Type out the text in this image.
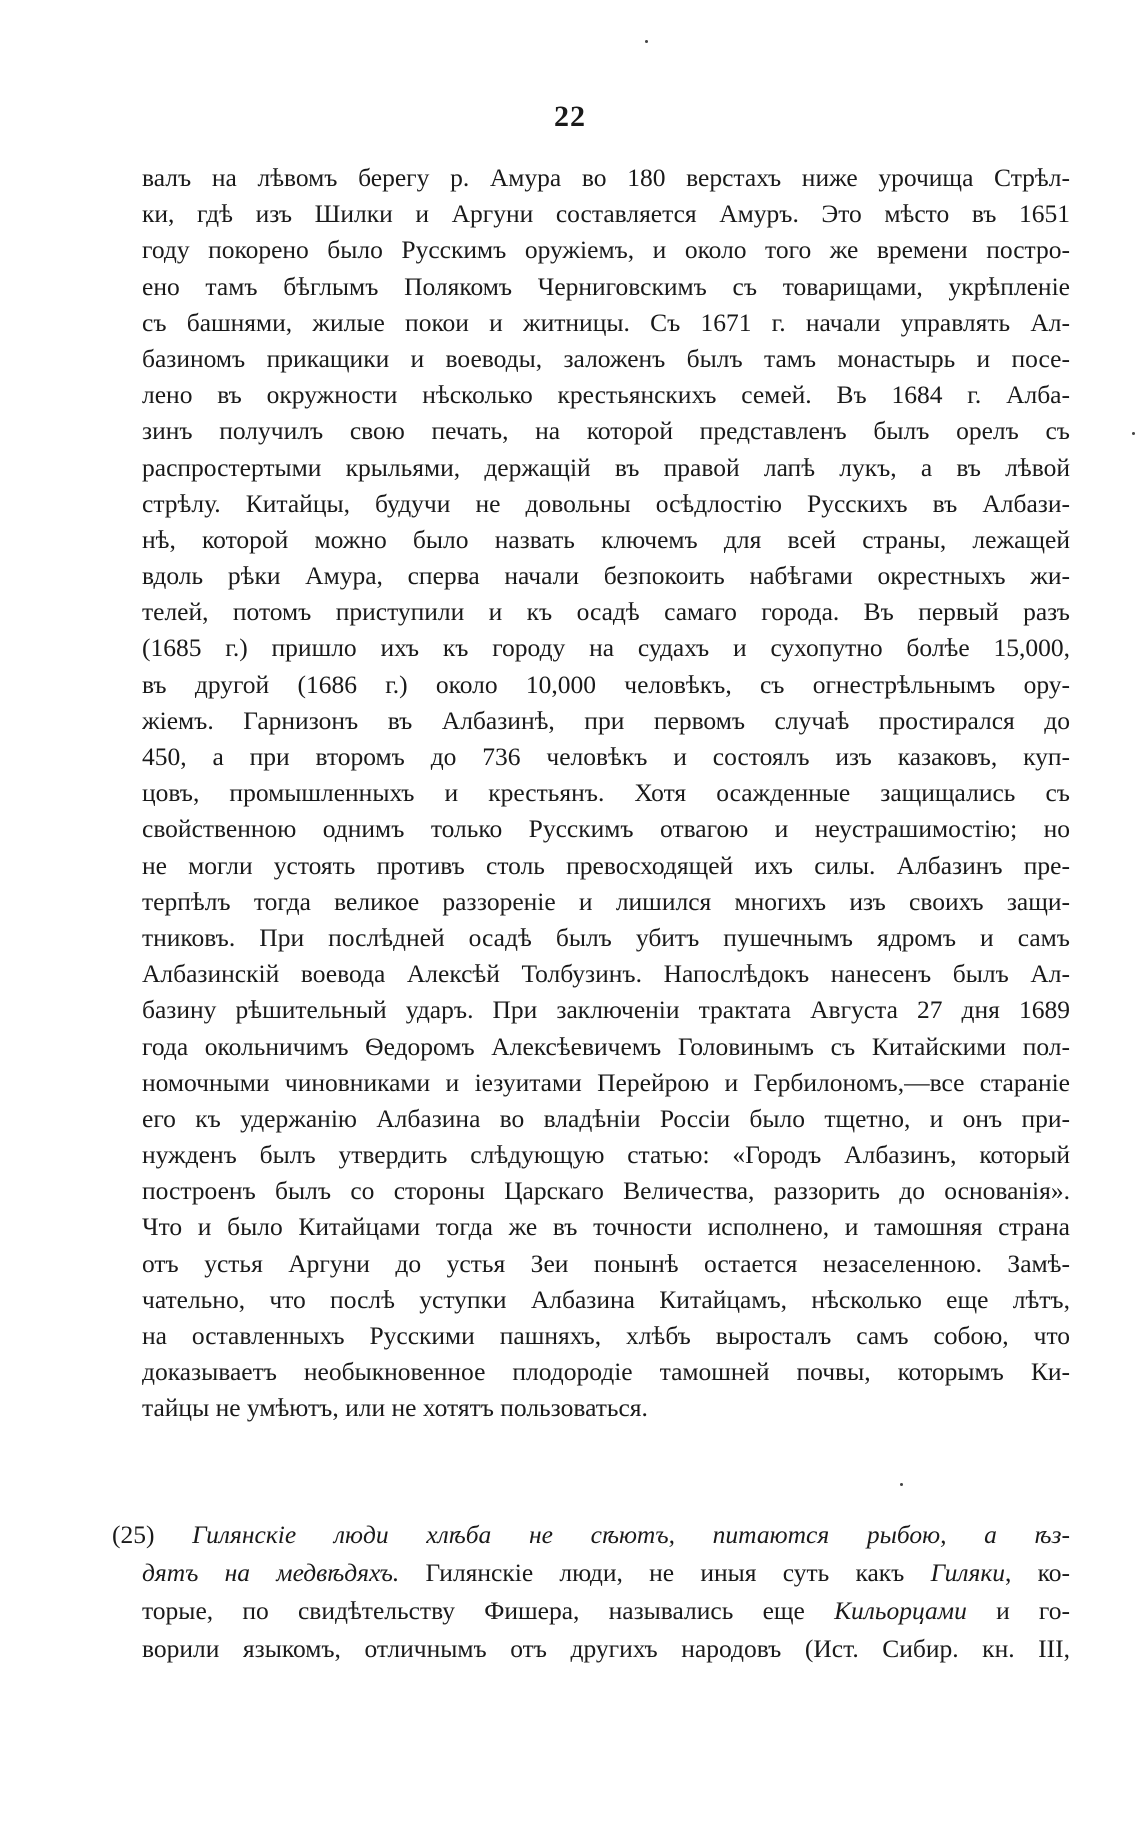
22
валъ на лѣвомъ берегу р. Амура во 180 верстахъ ниже урочища Стрѣл-
ки, гдѣ изъ Шилки и Аргуни составляется Амуръ. Это мѣсто въ 1651
году покорено было Русскимъ оружіемъ, и около того же времени постро-
ено тамъ бѣглымъ Полякомъ Черниговскимъ съ товарищами, укрѣпленіе
съ башнями, жилые покои и житницы. Съ 1671 г. начали управлять Ал-
базиномъ прикащики и воеводы, заложенъ былъ тамъ монастырь и посе-
лено въ окружности нѣсколько крестьянскихъ семей. Въ 1684 г. Алба-
зинъ получилъ свою печать, на которой представленъ былъ орелъ съ
распростертыми крыльями, держащій въ правой лапѣ лукъ, а въ лѣвой
стрѣлу. Китайцы, будучи не довольны осѣдлостію Русскихъ въ Албази-
нѣ, которой можно было назвать ключемъ для всей страны, лежащей
вдоль рѣки Амура, сперва начали безпокоить набѣгами окрестныхъ жи-
телей, потомъ приступили и къ осадѣ самаго города. Въ первый разъ
(1685 г.) пришло ихъ къ городу на судахъ и сухопутно болѣе 15,000,
въ другой (1686 г.) около 10,000 человѣкъ, съ огнестрѣльнымъ ору-
жіемъ. Гарнизонъ въ Албазинѣ, при первомъ случаѣ простирался до
450, а при второмъ до 736 человѣкъ и состоялъ изъ казаковъ, куп-
цовъ, промышленныхъ и крестьянъ. Хотя осажденные защищались съ
свойственною однимъ только Русскимъ отвагою и неустрашимостію; но
не могли устоять противъ столь превосходящей ихъ силы. Албазинъ пре-
терпѣлъ тогда великое раззореніе и лишился многихъ изъ своихъ защи-
тниковъ. При послѣдней осадѣ былъ убитъ пушечнымъ ядромъ и самъ
Албазинскій воевода Алексѣй Толбузинъ. Напослѣдокъ нанесенъ былъ Ал-
базину рѣшительный ударъ. При заключеніи трактата Августа 27 дня 1689
года окольничимъ Ѳедоромъ Алексѣевичемъ Головинымъ съ Китайскими пол-
номочными чиновниками и іезуитами Перейрою и Гербилономъ,—все стараніе
его къ удержанію Албазина во владѣніи Россіи было тщетно, и онъ при-
нужденъ былъ утвердить слѣдующую статью: «Городъ Албазинъ, который
построенъ былъ со стороны Царскаго Величества, раззорить до основанія».
Что и было Китайцами тогда же въ точности исполнено, и тамошняя страна
отъ устья Аргуни до устья Зеи понынѣ остается незаселенною. Замѣ-
чательно, что послѣ уступки Албазина Китайцамъ, нѣсколько еще лѣтъ,
на оставленныхъ Русскими пашняхъ, хлѣбъ выросталъ самъ собою, что
доказываетъ необыкновенное плодородіе тамошней почвы, которымъ Ки-
тайцы не умѣютъ, или не хотятъ пользоваться.
(25) Гилянскіе люди хлѣба не сѣютъ, питаются рыбою, а ѣз-
дятъ на медвѣдяхъ. Гилянскіе люди, не иныя суть какъ Гиляки, ко-
торые, по свидѣтельству Фишера, назывались еще Кильорцами и го-
ворили языкомъ, отличнымъ отъ другихъ народовъ (Ист. Сибир. кн. III,
